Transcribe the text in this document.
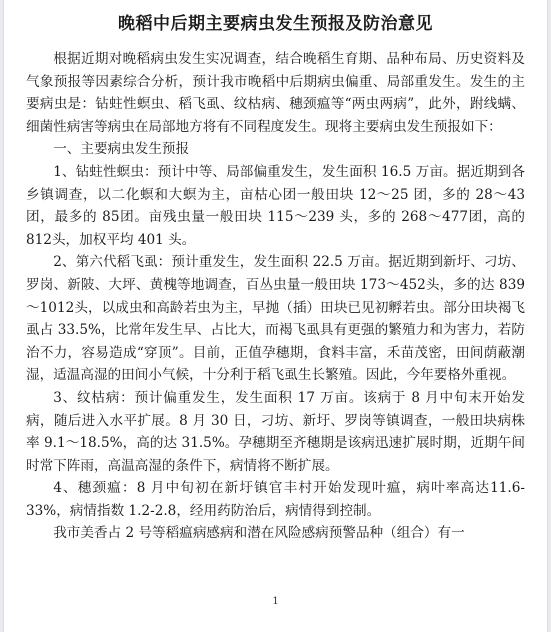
晚稻中后期主要病虫发生预报及防治意见

根据近期对晚稻病虫发生实况调查，结合晚稻生育期、品种布局、历史资料及气象预报等因素综合分析，预计我市晚稻中后期病虫偏重、局部重发生。发生的主要病虫是：钻蛀性螟虫、稻飞虱、纹枯病、穗颈瘟等“两虫两病”，此外，跗线螨、细菌性病害等病虫在局部地方将有不同程度发生。现将主要病虫发生预报如下：

一、主要病虫发生预报

1、钻蛀性螟虫：预计中等、局部偏重发生，发生面积 16.5 万亩。据近期到各乡镇调查，以二化螟和大螟为主，亩枯心团一般田块 12～25 团，多的 28～43团，最多的 85团。亩残虫量一般田块 115～239 头，多的 268～477团，高的 812头，加权平均 401 头。

2、第六代稻飞虱：预计重发生，发生面积 22.5 万亩。据近期到新圩、刁坊、罗岗、新陂、大坪、黄槐等地调查，百丛虫量一般田块 173～452头，多的达 839～1012头，以成虫和高龄若虫为主，早抛（插）田块已见初孵若虫。部分田块褐飞虱占 33.5%，比常年发生早、占比大，而褐飞虱具有更强的繁殖力和为害力，若防治不力，容易造成“穿顶”。目前，正值孕穗期，食料丰富，禾苗茂密，田间荫蔽潮湿，适温高湿的田间小气候，十分利于稻飞虱生长繁殖。因此，今年要格外重视。

3、纹枯病：预计偏重发生，发生面积 17 万亩。该病于 8 月中旬末开始发病，随后进入水平扩展。8 月 30 日，刁坊、新圩、罗岗等镇调查，一般田块病株率 9.1～18.5%，高的达 31.5%。孕穗期至齐穗期是该病迅速扩展时期，近期午间时常下阵雨，高温高湿的条件下，病情将不断扩展。

4、穗颈瘟：8 月中旬初在新圩镇官丰村开始发现叶瘟，病叶率高达11.6-33%，病情指数 1.2-2.8，经用药防治后，病情得到控制。

我市美香占 2 号等稻瘟病感病和潜在风险感病预警品种（组合）有一

1
